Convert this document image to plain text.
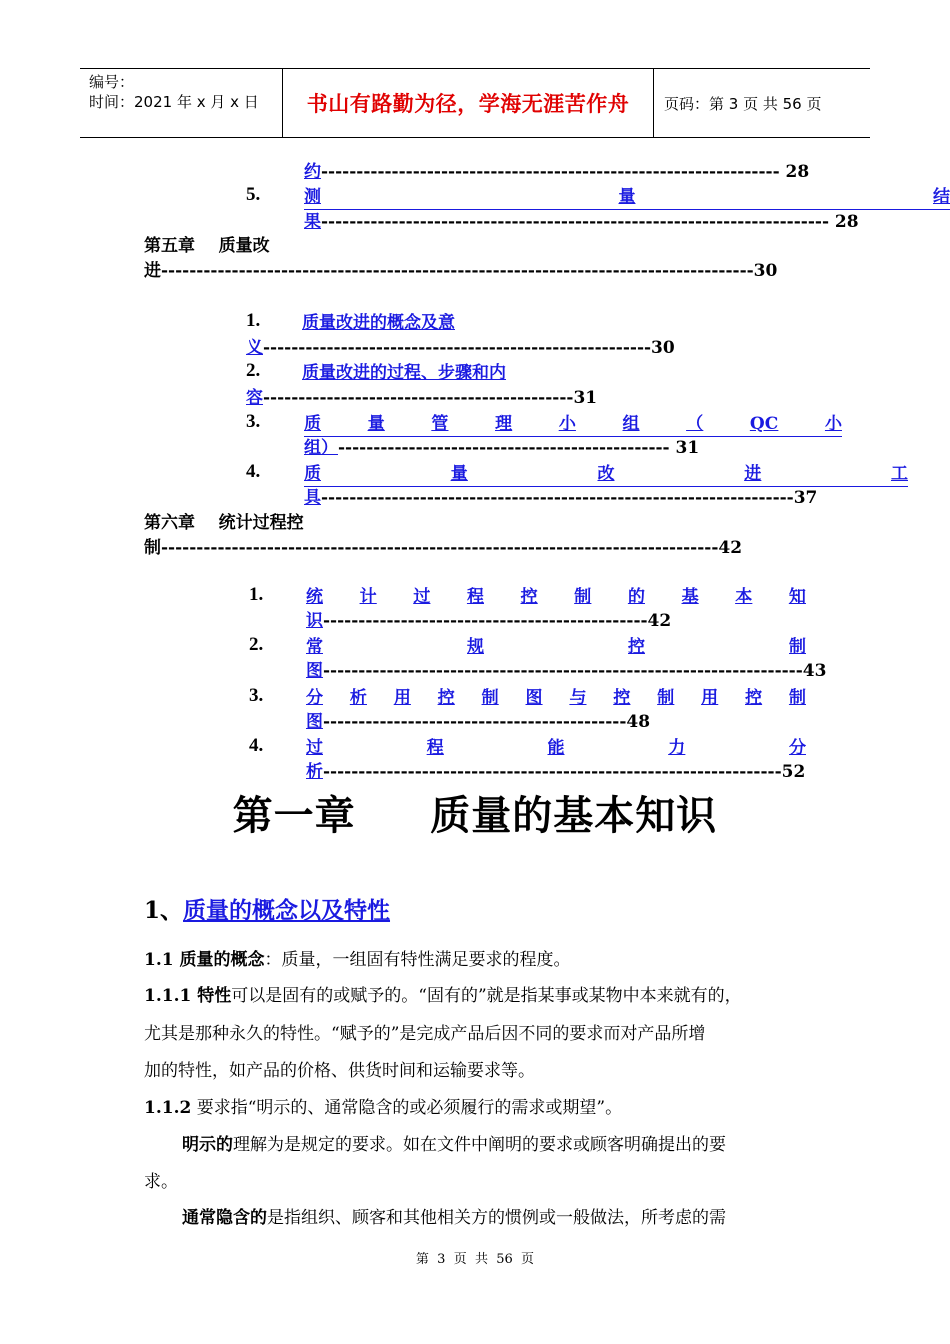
编号：
时间：2021 年 x 月 x 日	书山有路勤为径，学海无涯苦作舟	页码：第 3 页 共 56 页
约----------------------------------------------------------------- 28
5.	测	量	结
果------------------------------------------------------------------------ 28
第五章    质量改
进------------------------------------------------------------------------------------30
1. 质量改进的概念及意
义-------------------------------------------------------30
2. 质量改进的过程、步骤和内
容--------------------------------------------31
3.	质	量	管	理	小	组	（	QC	小
组）----------------------------------------------- 31
4.	质	量	改	进	工
具-------------------------------------------------------------------37
第六章    统计过程控
制-------------------------------------------------------------------------------42
1.	统 计 过 程 控 制 的 基 本 知
识----------------------------------------------42
2.	常	规	控	制
图--------------------------------------------------------------------43
3.	分 析 用 控 制 图 与 控 制 用 控 制
图-------------------------------------------48
4.	过	程	能	力	分
析-----------------------------------------------------------------52
第一章     质量的基本知识
1、质量的概念以及特性
1.1 质量的概念：质量，一组固有特性满足要求的程度。
1.1.1 特性可以是固有的或赋予的。“固有的”就是指某事或某物中本来就有的，
尤其是那种永久的特性。“赋予的”是完成产品后因不同的要求而对产品所增
加的特性，如产品的价格、供货时间和运输要求等。
1.1.2 要求指“明示的、通常隐含的或必须履行的需求或期望”。
明示的理解为是规定的要求。如在文件中阐明的要求或顾客明确提出的要
求。
通常隐含的是指组织、顾客和其他相关方的惯例或一般做法，所考虑的需
第  3  页  共  56  页
